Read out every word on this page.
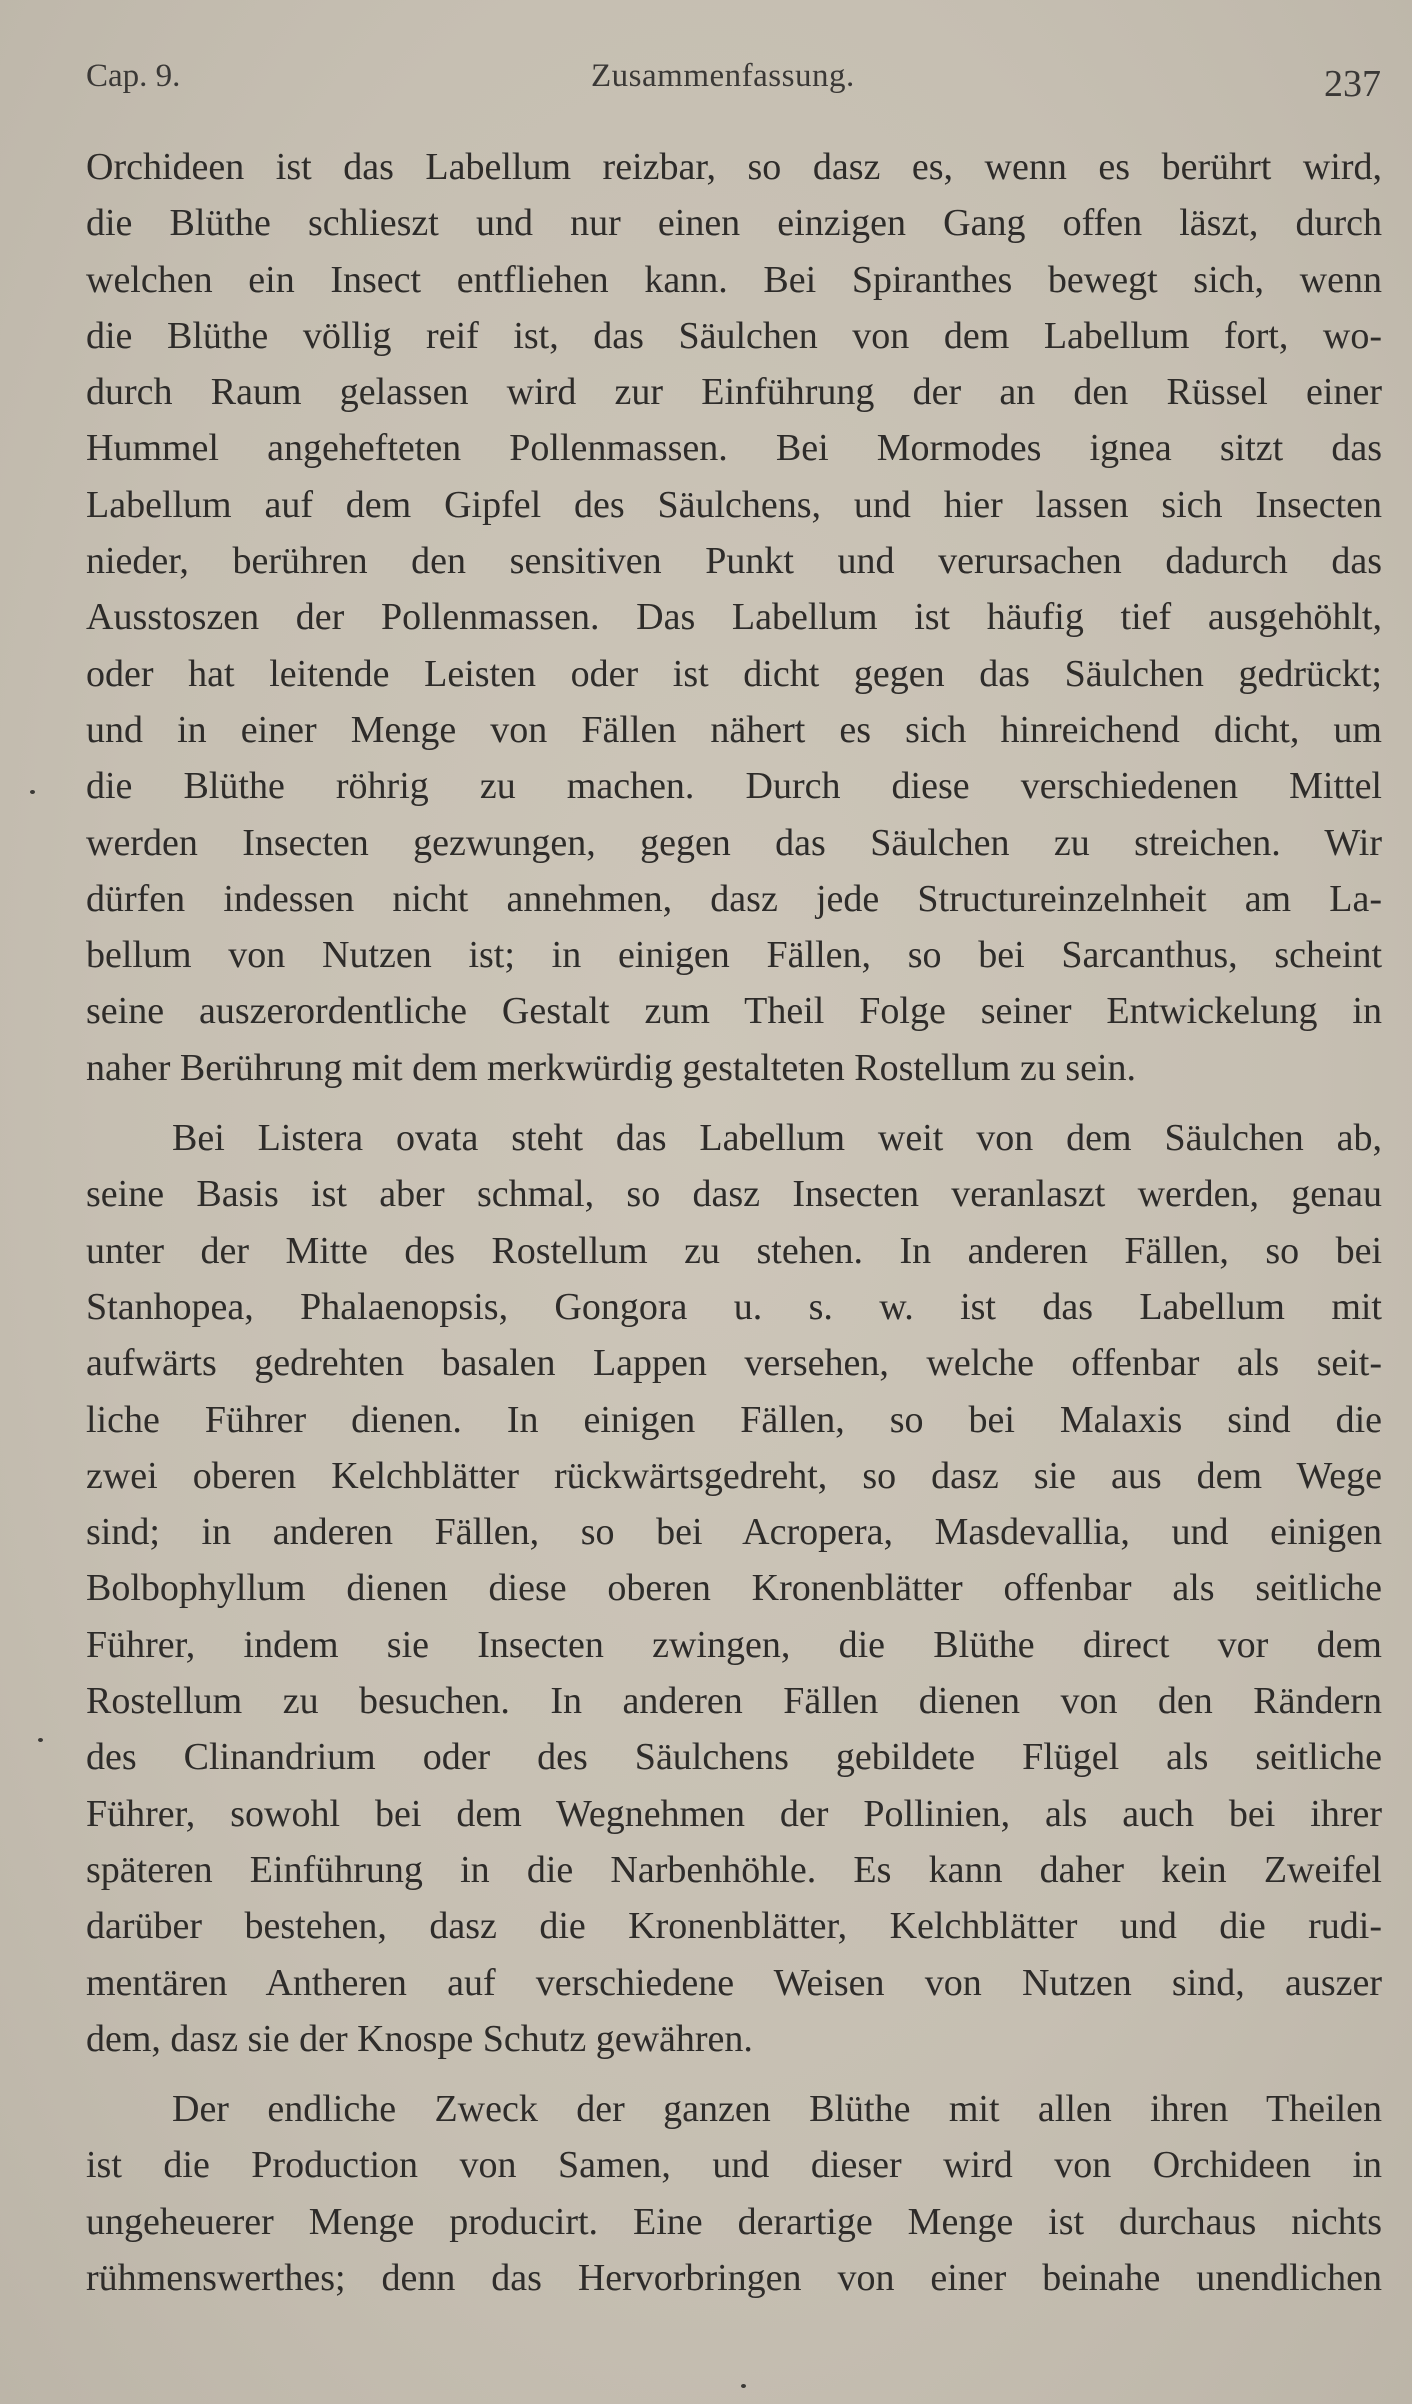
Cap. 9.	Zusammenfassung.	237
Orchideen ist das Labellum reizbar, so dasz es, wenn es berührt wird,
die Blüthe schlieszt und nur einen einzigen Gang offen läszt, durch
welchen ein Insect entfliehen kann. Bei Spiranthes bewegt sich, wenn
die Blüthe völlig reif ist, das Säulchen von dem Labellum fort, wo-
durch Raum gelassen wird zur Einführung der an den Rüssel einer
Hummel angehefteten Pollenmassen. Bei Mormodes ignea sitzt das
Labellum auf dem Gipfel des Säulchens, und hier lassen sich Insecten
nieder, berühren den sensitiven Punkt und verursachen dadurch das
Ausstoszen der Pollenmassen. Das Labellum ist häufig tief ausgehöhlt,
oder hat leitende Leisten oder ist dicht gegen das Säulchen gedrückt;
und in einer Menge von Fällen nähert es sich hinreichend dicht, um
die Blüthe röhrig zu machen. Durch diese verschiedenen Mittel
werden Insecten gezwungen, gegen das Säulchen zu streichen. Wir
dürfen indessen nicht annehmen, dasz jede Structureinzelnheit am La-
bellum von Nutzen ist; in einigen Fällen, so bei Sarcanthus, scheint
seine auszerordentliche Gestalt zum Theil Folge seiner Entwickelung in
naher Berührung mit dem merkwürdig gestalteten Rostellum zu sein.
Bei Listera ovata steht das Labellum weit von dem Säulchen ab,
seine Basis ist aber schmal, so dasz Insecten veranlaszt werden, genau
unter der Mitte des Rostellum zu stehen. In anderen Fällen, so bei
Stanhopea, Phalaenopsis, Gongora u. s. w. ist das Labellum mit
aufwärts gedrehten basalen Lappen versehen, welche offenbar als seit-
liche Führer dienen. In einigen Fällen, so bei Malaxis sind die
zwei oberen Kelchblätter rückwärtsgedreht, so dasz sie aus dem Wege
sind; in anderen Fällen, so bei Acropera, Masdevallia, und einigen
Bolbophyllum dienen diese oberen Kronenblätter offenbar als seitliche
Führer, indem sie Insecten zwingen, die Blüthe direct vor dem
Rostellum zu besuchen. In anderen Fällen dienen von den Rändern
des Clinandrium oder des Säulchens gebildete Flügel als seitliche
Führer, sowohl bei dem Wegnehmen der Pollinien, als auch bei ihrer
späteren Einführung in die Narbenhöhle. Es kann daher kein Zweifel
darüber bestehen, dasz die Kronenblätter, Kelchblätter und die rudi-
mentären Antheren auf verschiedene Weisen von Nutzen sind, auszer
dem, dasz sie der Knospe Schutz gewähren.
Der endliche Zweck der ganzen Blüthe mit allen ihren Theilen
ist die Production von Samen, und dieser wird von Orchideen in
ungeheuerer Menge producirt. Eine derartige Menge ist durchaus nichts
rühmenswerthes; denn das Hervorbringen von einer beinahe unendlichen
